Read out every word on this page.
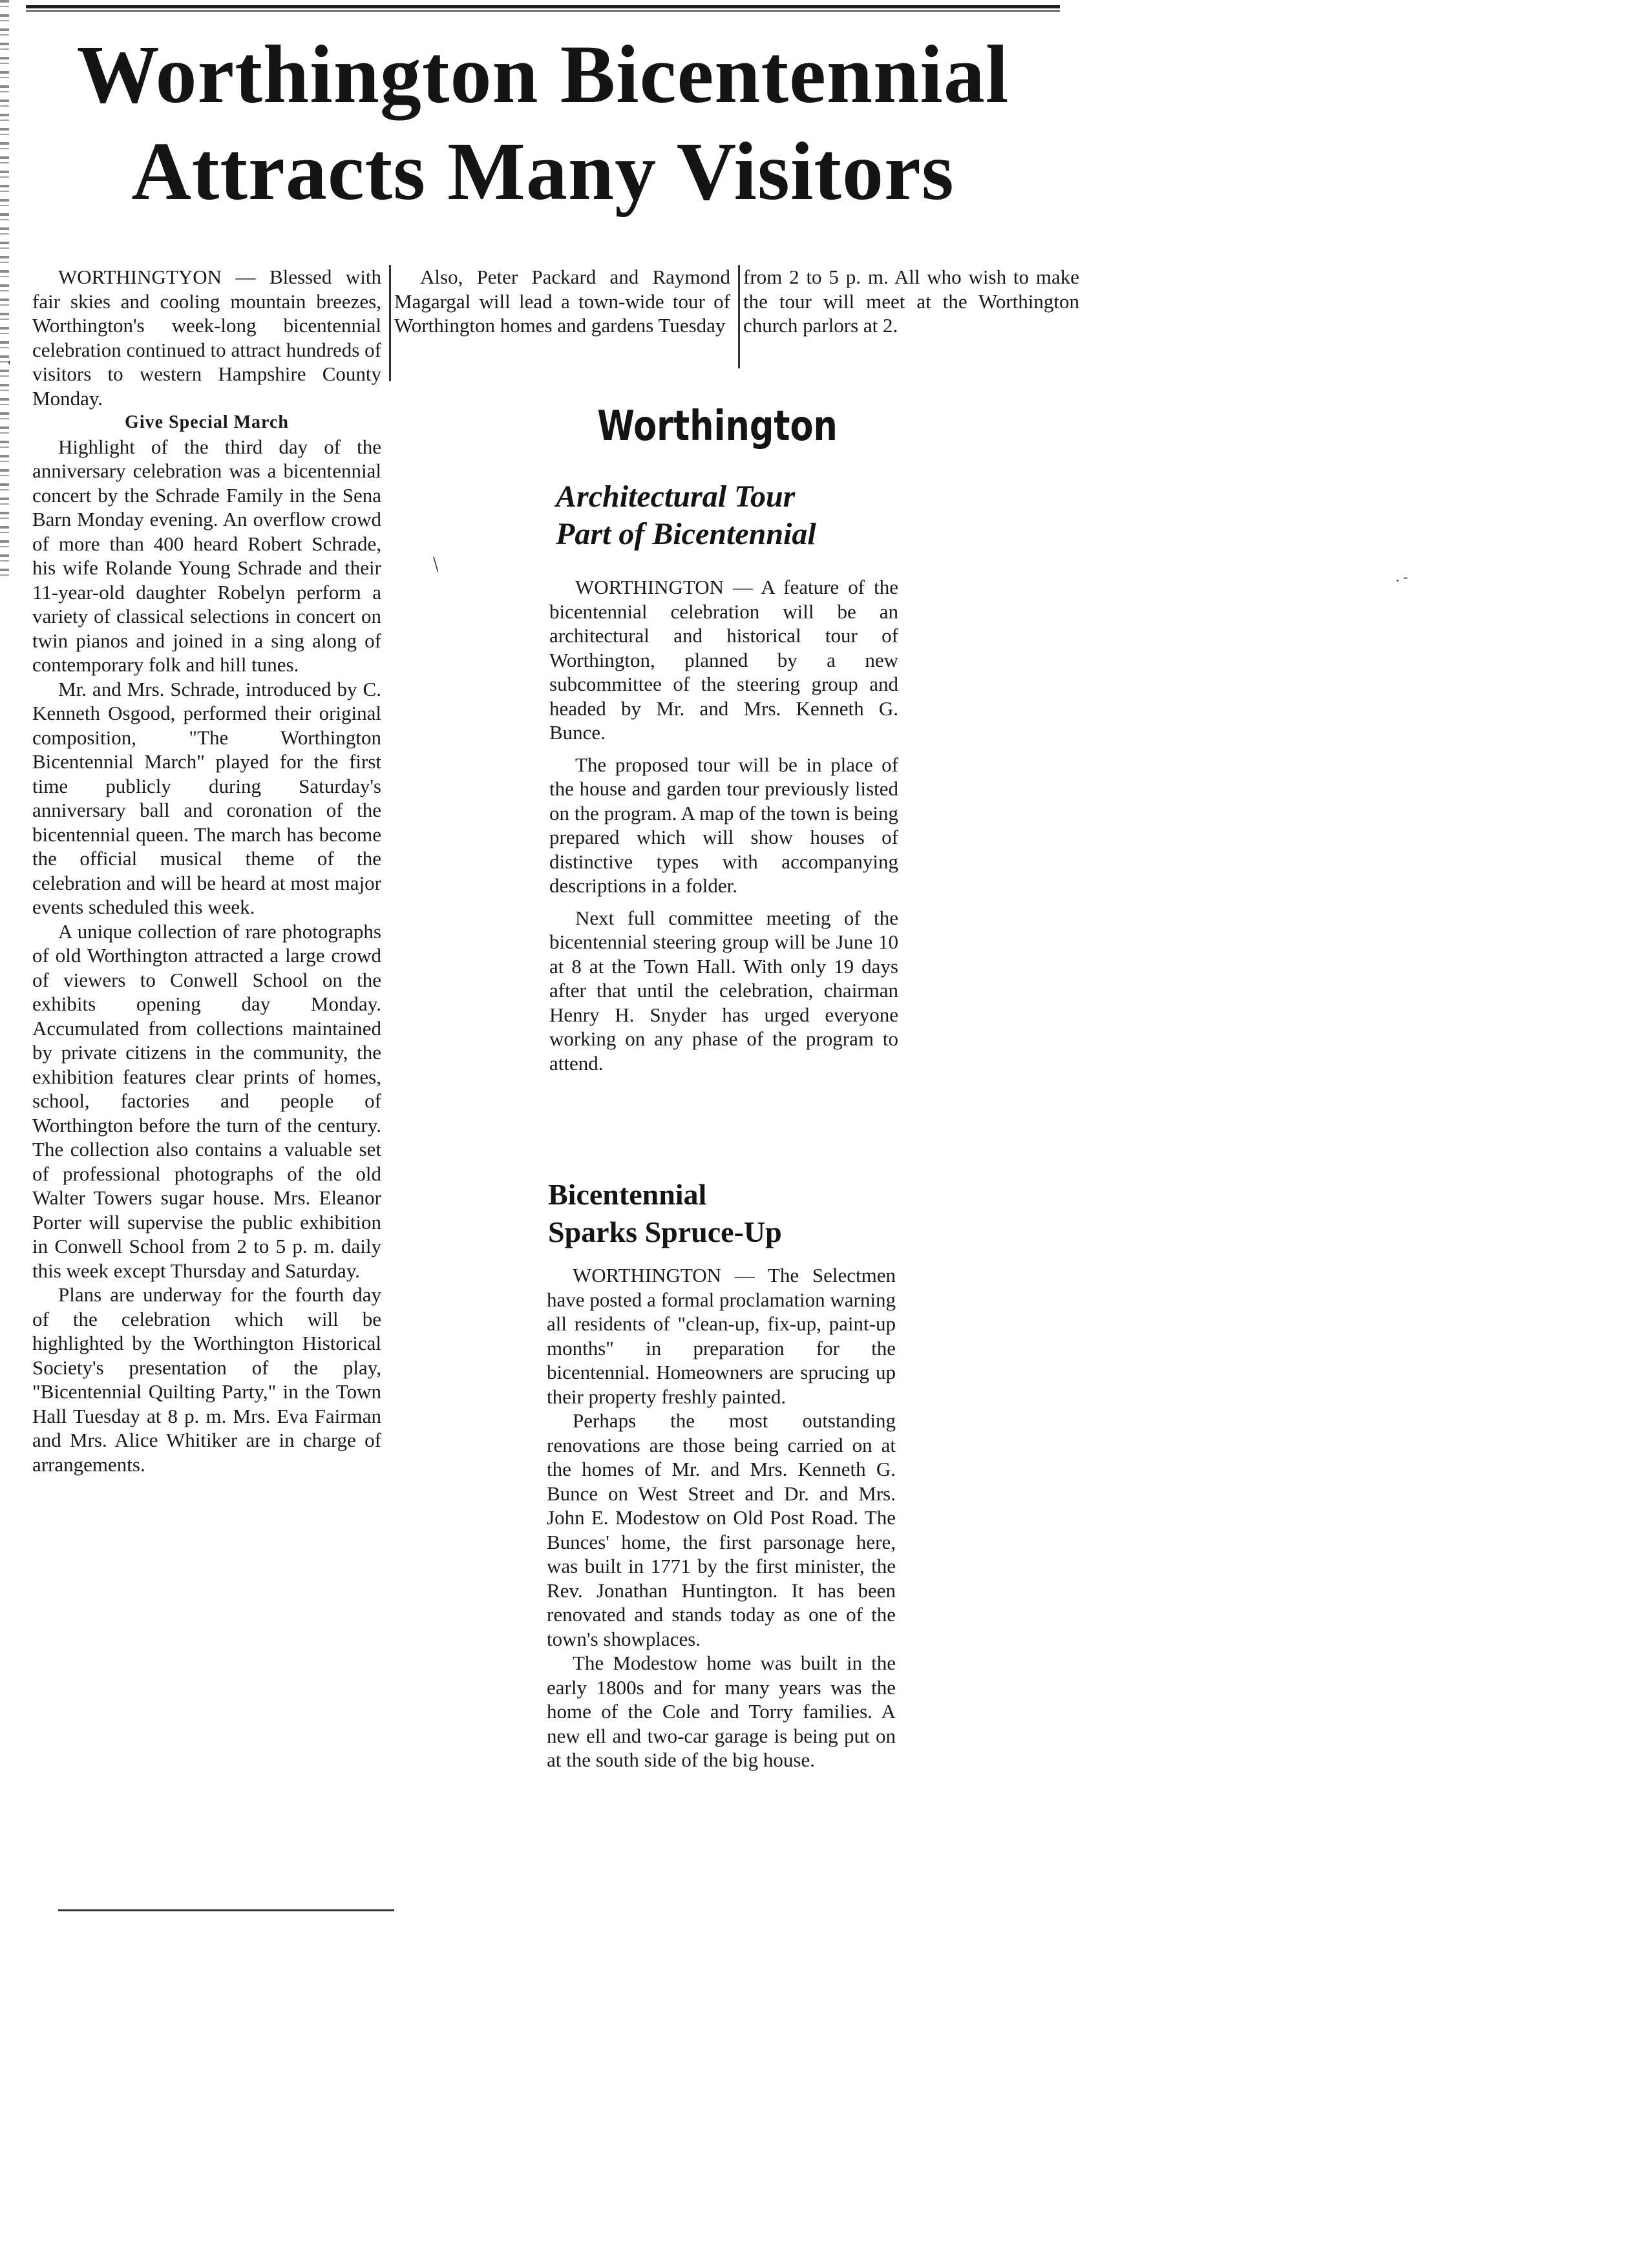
Worthington Bicentennial
Attracts Many Visitors

WORTHINGTYON — Blessed with fair skies and cooling mountain breezes, Worthington's week-long bicentennial celebration continued to attract hundreds of visitors to western Hampshire County Monday.

Give Special March

Highlight of the third day of the anniversary celebration was a bicentennial concert by the Schrade Family in the Sena Barn Monday evening. An overflow crowd of more than 400 heard Robert Schrade, his wife Rolande Young Schrade and their 11-year-old daughter Robelyn perform a variety of classical selections in concert on twin pianos and joined in a sing along of contemporary folk and hill tunes.

Mr. and Mrs. Schrade, introduced by C. Kenneth Osgood, performed their original composition, "The Worthington Bicentennial March" played for the first time publicly during Saturday's anniversary ball and coronation of the bicentennial queen. The march has become the official musical theme of the celebration and will be heard at most major events scheduled this week.

A unique collection of rare photographs of old Worthington attracted a large crowd of viewers to Conwell School on the exhibits opening day Monday. Accumulated from collections maintained by private citizens in the community, the exhibition features clear prints of homes, school, factories and people of Worthington before the turn of the century. The collection also contains a valuable set of professional photographs of the old Walter Towers sugar house. Mrs. Eleanor Porter will supervise the public exhibition in Conwell School from 2 to 5 p. m. daily this week except Thursday and Saturday.

Plans are underway for the fourth day of the celebration which will be highlighted by the Worthington Historical Society's presentation of the play, "Bicentennial Quilting Party," in the Town Hall Tuesday at 8 p. m. Mrs. Eva Fairman and Mrs. Alice Whitiker are in charge of arrangements.

Also, Peter Packard and Raymond Magargal will lead a town-wide tour of Worthington homes and gardens Tuesday

from 2 to 5 p. m. All who wish to make the tour will meet at the Worthington church parlors at 2.

Worthington
Architectural Tour
Part of Bicentennial

WORTHINGTON — A feature of the bicentennial celebration will be an architectural and historical tour of Worthington, planned by a new subcommittee of the steering group and headed by Mr. and Mrs. Kenneth G. Bunce.

The proposed tour will be in place of the house and garden tour previously listed on the program. A map of the town is being prepared which will show houses of distinctive types with accompanying descriptions in a folder.

Next full committee meeting of the bicentennial steering group will be June 10 at 8 at the Town Hall. With only 19 days after that until the celebration, chairman Henry H. Snyder has urged everyone working on any phase of the program to attend.

Bicentennial
Sparks Spruce-Up

WORTHINGTON — The Selectmen have posted a formal proclamation warning all residents of "clean-up, fix-up, paint-up months" in preparation for the bicentennial. Homeowners are sprucing up their property freshly painted.

Perhaps the most outstanding renovations are those being carried on at the homes of Mr. and Mrs. Kenneth G. Bunce on West Street and Dr. and Mrs. John E. Modestow on Old Post Road. The Bunces' home, the first parsonage here, was built in 1771 by the first minister, the Rev. Jonathan Huntington. It has been renovated and stands today as one of the town's showplaces.

The Modestow home was built in the early 1800s and for many years was the home of the Cole and Torry families. A new ell and two-car garage is being put on at the south side of the big house.

/
. -
'
